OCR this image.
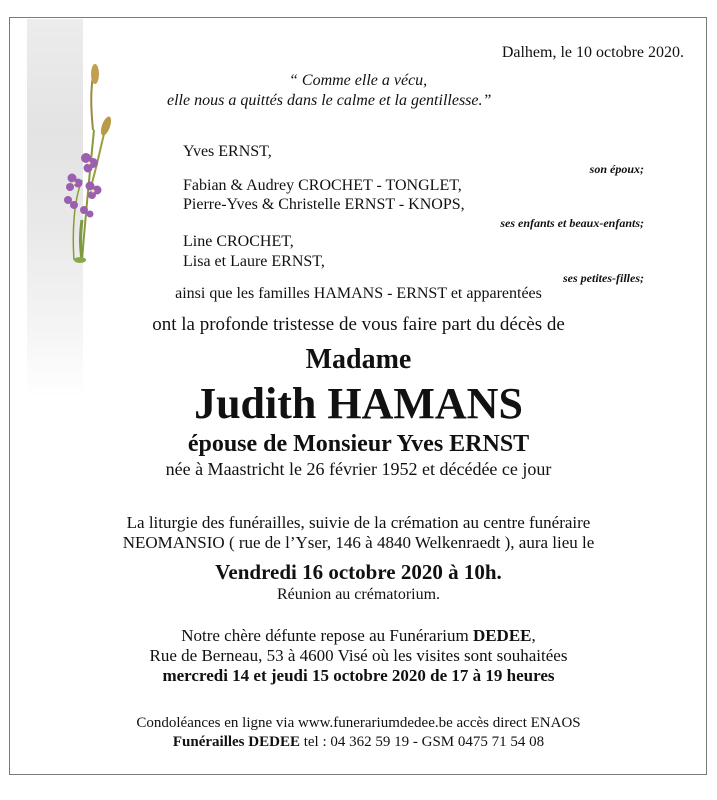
Dalhem, le 10 octobre 2020.
“ Comme elle a vécu,
elle nous a quittés dans le calme et la gentillesse.”
Yves ERNST,
son époux;
Fabian & Audrey CROCHET - TONGLET,
Pierre-Yves & Christelle ERNST - KNOPS,
ses enfants et beaux-enfants;
Line CROCHET,
Lisa et Laure ERNST,
ses petites-filles;
ainsi que les familles HAMANS - ERNST et apparentées
ont la profonde tristesse de vous faire part du décès de
Madame
Judith HAMANS
épouse de Monsieur Yves ERNST
née à Maastricht le 26 février 1952 et décédée ce jour
La liturgie des funérailles, suivie de la crémation au centre funéraire
NEOMANSIO ( rue de l’Yser, 146 à 4840 Welkenraedt ), aura lieu le
Vendredi 16 octobre 2020 à 10h.
Réunion au crématorium.
Notre chère défunte repose au Funérarium DEDEE,
Rue de Berneau, 53 à 4600 Visé où les visites sont souhaitées
mercredi 14 et jeudi 15 octobre 2020 de 17 à 19 heures
Condoléances en ligne via www.funerariumdedee.be accès direct ENAOS
Funérailles DEDEE tel : 04 362 59 19 - GSM 0475 71 54 08
